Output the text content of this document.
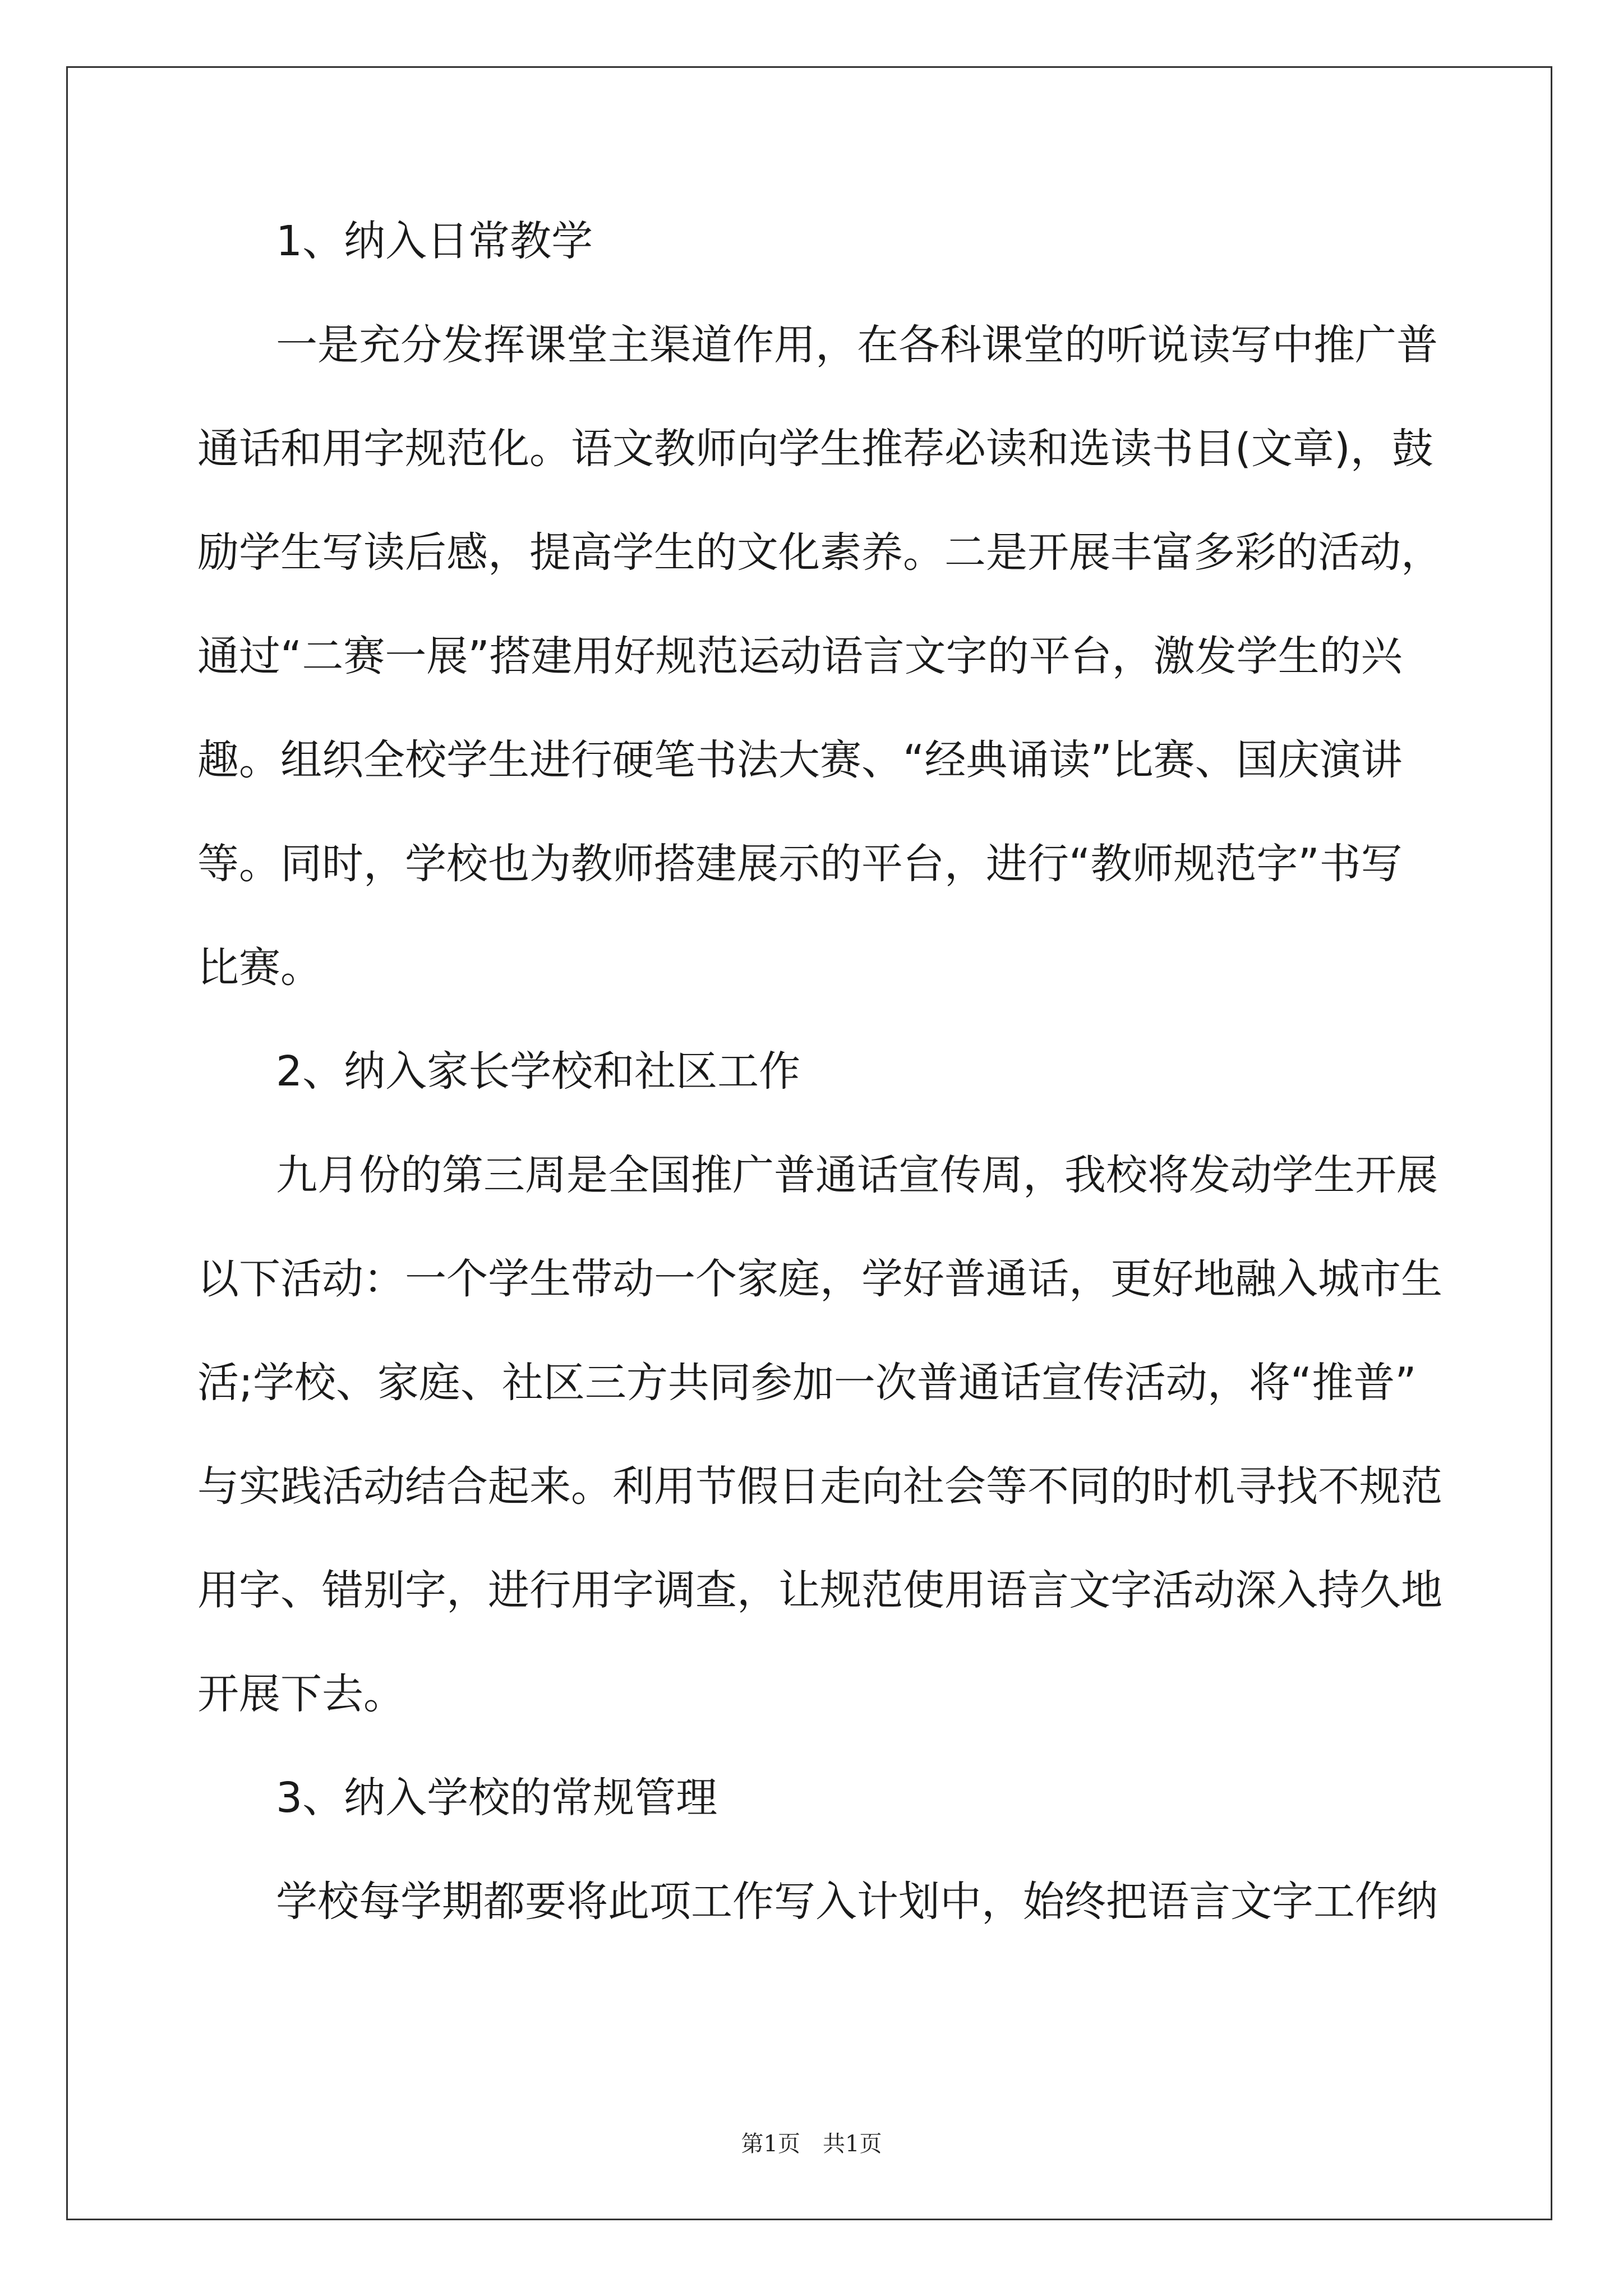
1、纳入日常教学
一是充分发挥课堂主渠道作用，在各科课堂的听说读写中推广普
通话和用字规范化。语文教师向学生推荐必读和选读书目(文章)，鼓
励学生写读后感，提高学生的文化素养。二是开展丰富多彩的活动，
通过“二赛一展”搭建用好规范运动语言文字的平台，激发学生的兴
趣。组织全校学生进行硬笔书法大赛、“经典诵读”比赛、国庆演讲
等。同时，学校也为教师搭建展示的平台，进行“教师规范字”书写
比赛。
2、纳入家长学校和社区工作
九月份的第三周是全国推广普通话宣传周，我校将发动学生开展
以下活动：一个学生带动一个家庭，学好普通话，更好地融入城市生
活;学校、家庭、社区三方共同参加一次普通话宣传活动，将“推普”
与实践活动结合起来。利用节假日走向社会等不同的时机寻找不规范
用字、错别字，进行用字调查，让规范使用语言文字活动深入持久地
开展下去。
3、纳入学校的常规管理
学校每学期都要将此项工作写入计划中，始终把语言文字工作纳
第1页　共1页
